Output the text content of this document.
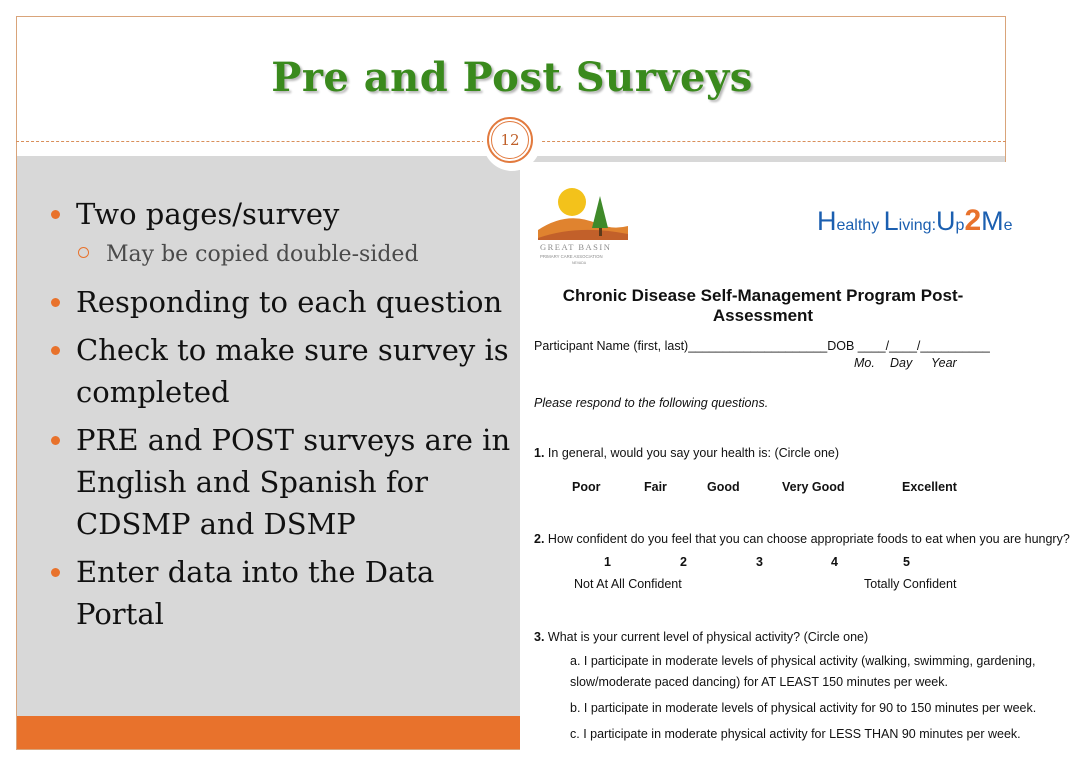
Pre and Post Surveys
12
Two pages/survey
May be copied double-sided
Responding to each question
Check to make sure survey is completed
PRE and POST surveys are in English and Spanish for CDSMP and DSMP
Enter data into the Data Portal
GREAT BASIN
PRIMARY CARE ASSOCIATION
NEVADA
Healthy Living:Up2Me
Chronic Disease Self-Management Program Post-Assessment
Participant Name (first, last)____________________DOB ____/____/__________
Mo. Day Year
Please respond to the following questions.
1. In general, would you say your health is: (Circle one)
Poor	Fair	Good	Very Good	Excellent
2. How confident do you feel that you can choose appropriate foods to eat when you are hungry?
1	2	3	4	5
Not At All Confident	Totally Confident
3. What is your current level of physical activity? (Circle one)
a. I participate in moderate levels of physical activity (walking, swimming, gardening,
slow/moderate paced dancing) for AT LEAST 150 minutes per week.
b. I participate in moderate levels of physical activity for 90 to 150 minutes per week.
c. I participate in moderate physical activity for LESS THAN 90 minutes per week.
